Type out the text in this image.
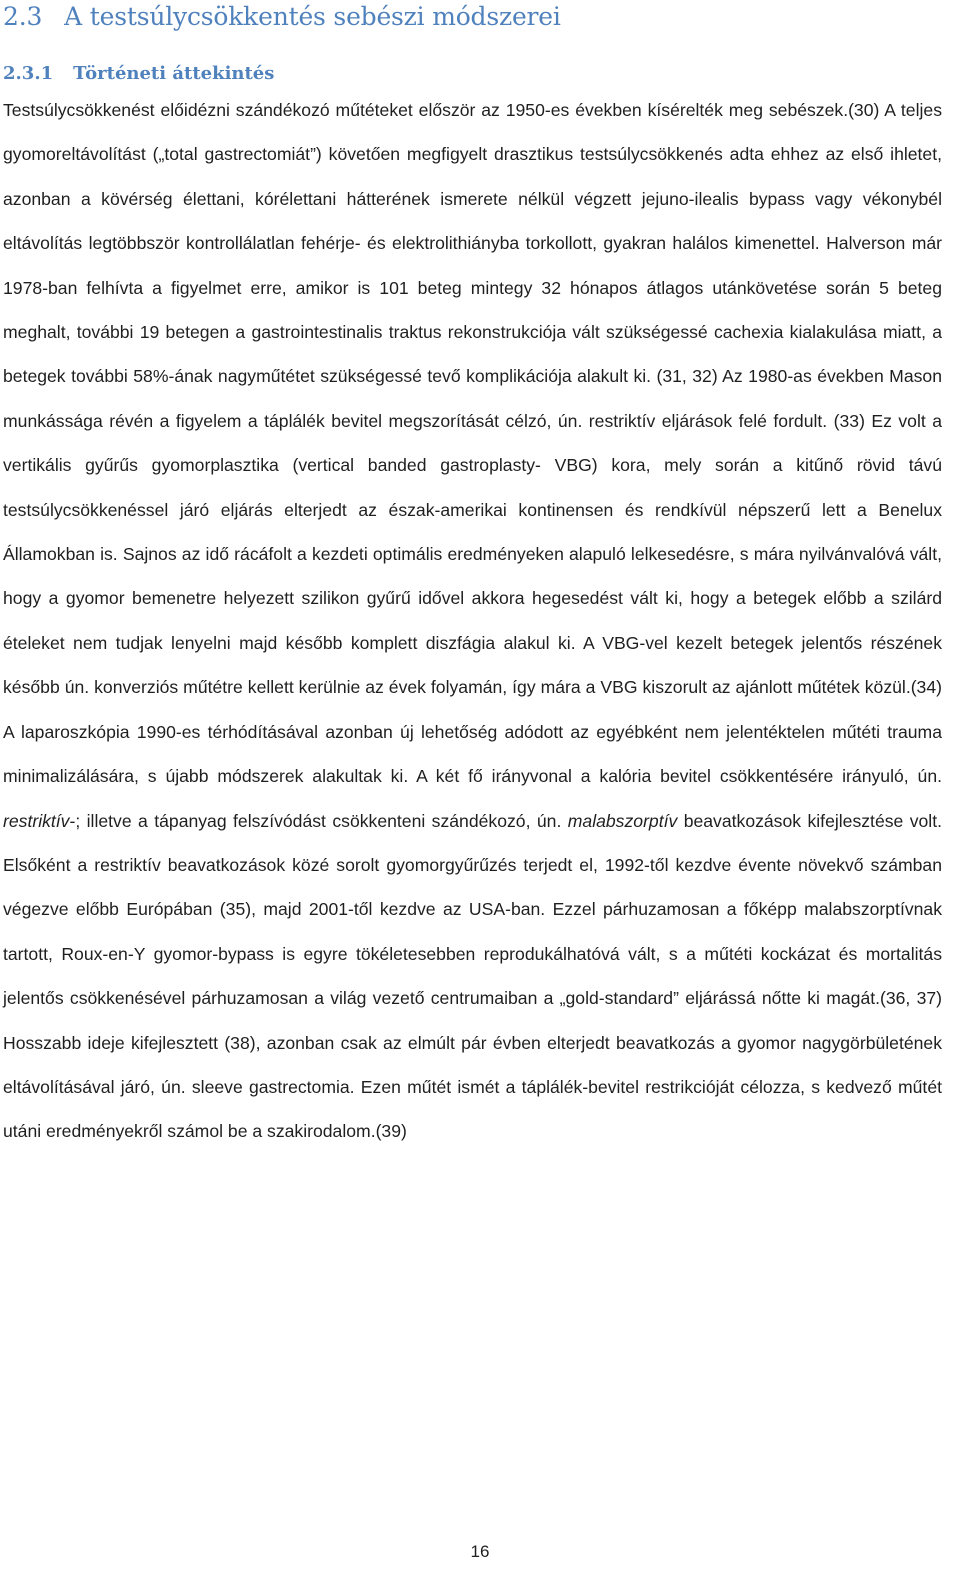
2.3 A testsúlycsökkentés sebészi módszerei
2.3.1 Történeti áttekintés

Testsúlycsökkenést előidézni szándékozó műtéteket először az 1950-es években kísérelték meg sebészek.(30) A teljes gyomoreltávolítást („total gastrectomiát”) követően megfigyelt drasztikus testsúlycsökkenés adta ehhez az első ihletet, azonban a kövérség élettani, kórélettani hátterének ismerete nélkül végzett jejuno-ilealis bypass vagy vékonybél eltávolítás legtöbbször kontrollálatlan fehérje- és elektrolithiányba torkollott, gyakran halálos kimenettel. Halverson már 1978-ban felhívta a figyelmet erre, amikor is 101 beteg mintegy 32 hónapos átlagos utánkövetése során 5 beteg meghalt, további 19 betegen a gastrointestinalis traktus rekonstrukciója vált szükségessé cachexia kialakulása miatt, a betegek további 58%-ának nagyműtétet szükségessé tevő komplikációja alakult ki. (31, 32) Az 1980-as években Mason munkássága révén a figyelem a táplálék bevitel megszorítását célzó, ún. restriktív eljárások felé fordult. (33) Ez volt a vertikális gyűrűs gyomorplasztika (vertical banded gastroplasty- VBG) kora, mely során a kitűnő rövid távú testsúlycsökkenéssel járó eljárás elterjedt az észak-amerikai kontinensen és rendkívül népszerű lett a Benelux Államokban is. Sajnos az idő rácáfolt a kezdeti optimális eredményeken alapuló lelkesedésre, s mára nyilvánvalóvá vált, hogy a gyomor bemenetre helyezett szilikon gyűrű idővel akkora hegesedést vált ki, hogy a betegek előbb a szilárd ételeket nem tudjak lenyelni majd később komplett diszfágia alakul ki. A VBG-vel kezelt betegek jelentős részének később ún. konverziós műtétre kellett kerülnie az évek folyamán, így mára a VBG kiszorult az ajánlott műtétek közül.(34) A laparoszkópia 1990-es térhódításával azonban új lehetőség adódott az egyébként nem jelentéktelen műtéti trauma minimalizálására, s újabb módszerek alakultak ki. A két fő irányvonal a kalória bevitel csökkentésére irányuló, ún. restriktív-; illetve a tápanyag felszívódást csökkenteni szándékozó, ún. malabszorptív beavatkozások kifejlesztése volt. Elsőként a restriktív beavatkozások közé sorolt gyomorgyűrűzés terjedt el, 1992-től kezdve évente növekvő számban végezve előbb Európában (35), majd 2001-től kezdve az USA-ban. Ezzel párhuzamosan a főképp malabszorptívnak tartott, Roux-en-Y gyomor-bypass is egyre tökéletesebben reprodukálhatóvá vált, s a műtéti kockázat és mortalitás jelentős csökkenésével párhuzamosan a világ vezető centrumaiban a „gold-standard” eljárássá nőtte ki magát.(36, 37) Hosszabb ideje kifejlesztett (38), azonban csak az elmúlt pár évben elterjedt beavatkozás a gyomor nagygörbületének eltávolításával járó, ún. sleeve gastrectomia. Ezen műtét ismét a táplálék-bevitel restrikcióját célozza, s kedvező műtét utáni eredményekről számol be a szakirodalom.(39)

16
